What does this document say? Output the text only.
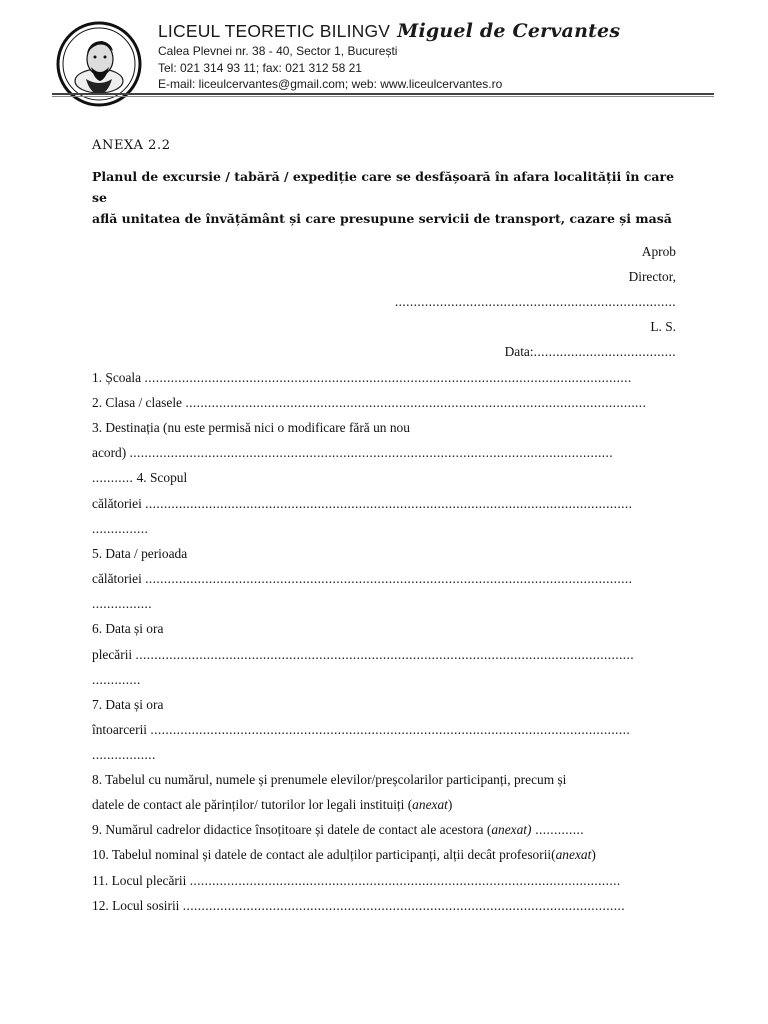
LICEUL TEORETIC BILINGV Miguel de Cervantes
Calea Plevnei nr. 38 - 40, Sector 1, București
Tel: 021 314 93 11; fax: 021 312 58 21
E-mail: liceulcervantes@gmail.com; web: www.liceulcervantes.ro
ANEXA 2.2
Planul de excursie / tabără / expediție care se desfășoară în afara localității în care se
află unitatea de învățământ și care presupune servicii de transport, cazare și masă
Aprob
Director,
...........................................................................
L. S.
Data:......................................
1. Școala ..................................................................................................................................
2. Clasa / clasele ...........................................................................................................................
3. Destinația (nu este permisă nici o modificare fără un nou
acord) .................................................................................................................................
........... 4. Scopul
călătoriei ..................................................................................................................................
...............
5. Data / perioada
călătoriei ..................................................................................................................................
................
6. Data și ora
plecării .....................................................................................................................................
.............
7. Data și ora
întoarcerii ................................................................................................................................
.................
8. Tabelul cu numărul, numele și prenumele elevilor/preșcolarilor participanți, precum și
datele de contact ale părinților/ tutorilor lor legali instituiți (anexat)
9. Numărul cadrelor didactice însoțitoare și datele de contact ale acestora (anexat) .............
10. Tabelul nominal și datele de contact ale adulților participanți, alții decât profesorii(anexat)
11. Locul plecării ...................................................................................................................
12. Locul sosirii ......................................................................................................................
